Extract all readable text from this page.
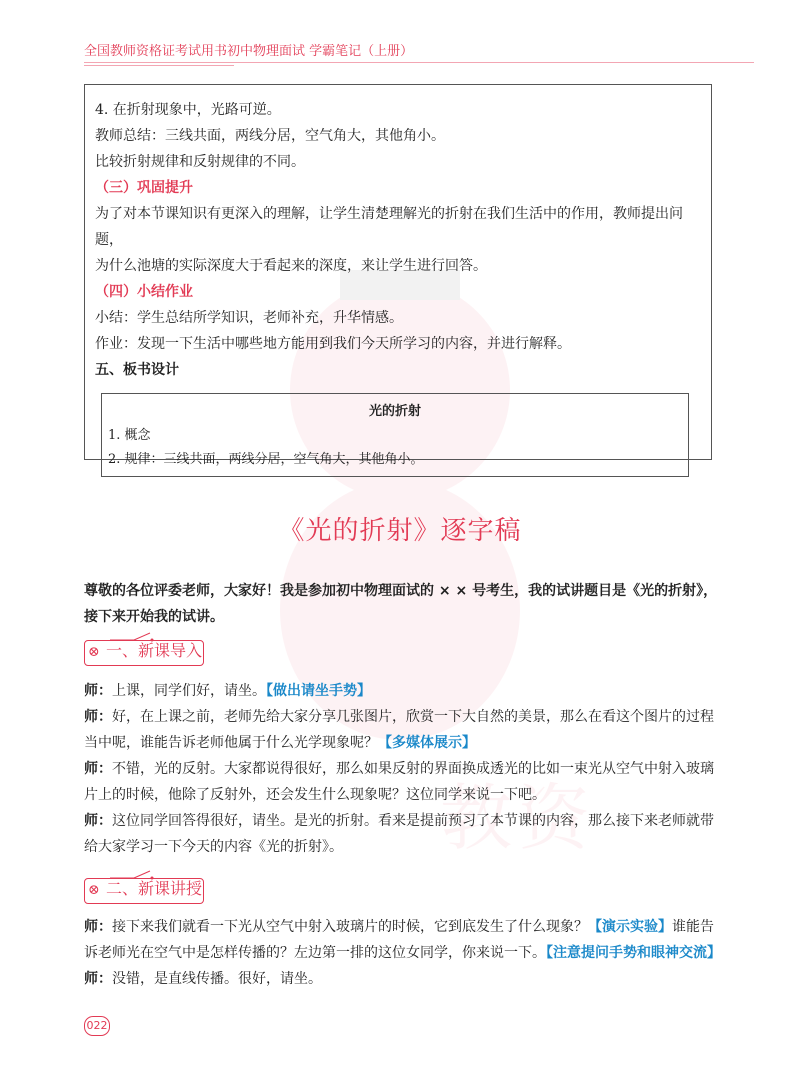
教资
全国教师资格证考试用书初中物理面试 学霸笔记（上册）

4. 在折射现象中，光路可逆。

教师总结：三线共面，两线分居，空气角大，其他角小。

比较折射规律和反射规律的不同。

（三）巩固提升

为了对本节课知识有更深入的理解，让学生清楚理解光的折射在我们生活中的作用，教师提出问题，

为什么池塘的实际深度大于看起来的深度，来让学生进行回答。

（四）小结作业

小结：学生总结所学知识，老师补充，升华情感。

作业：发现一下生活中哪些地方能用到我们今天所学习的内容，并进行解释。

五、板书设计

光的折射
1. 概念
2. 规律：三线共面，两线分居，空气角大，其他角小。
《光的折射》逐字稿
尊敬的各位评委老师，大家好！我是参加初中物理面试的 × × 号考生，我的试讲题目是《光的折射》，接下来开始我的试讲。
⊗ 一、新课导入

师：上课，同学们好，请坐。【做出请坐手势】

师：好，在上课之前，老师先给大家分享几张图片，欣赏一下大自然的美景，那么在看这个图片的过程当中呢，谁能告诉老师他属于什么光学现象呢？【多媒体展示】

师：不错，光的反射。大家都说得很好，那么如果反射的界面换成透光的比如一束光从空气中射入玻璃片上的时候，他除了反射外，还会发生什么现象呢？这位同学来说一下吧。

师：这位同学回答得很好，请坐。是光的折射。看来是提前预习了本节课的内容，那么接下来老师就带给大家学习一下今天的内容《光的折射》。

⊗ 二、新课讲授

师：接下来我们就看一下光从空气中射入玻璃片的时候，它到底发生了什么现象？【演示实验】谁能告诉老师光在空气中是怎样传播的？左边第一排的这位女同学，你来说一下。【注意提问手势和眼神交流】

师：没错，是直线传播。很好，请坐。

022
